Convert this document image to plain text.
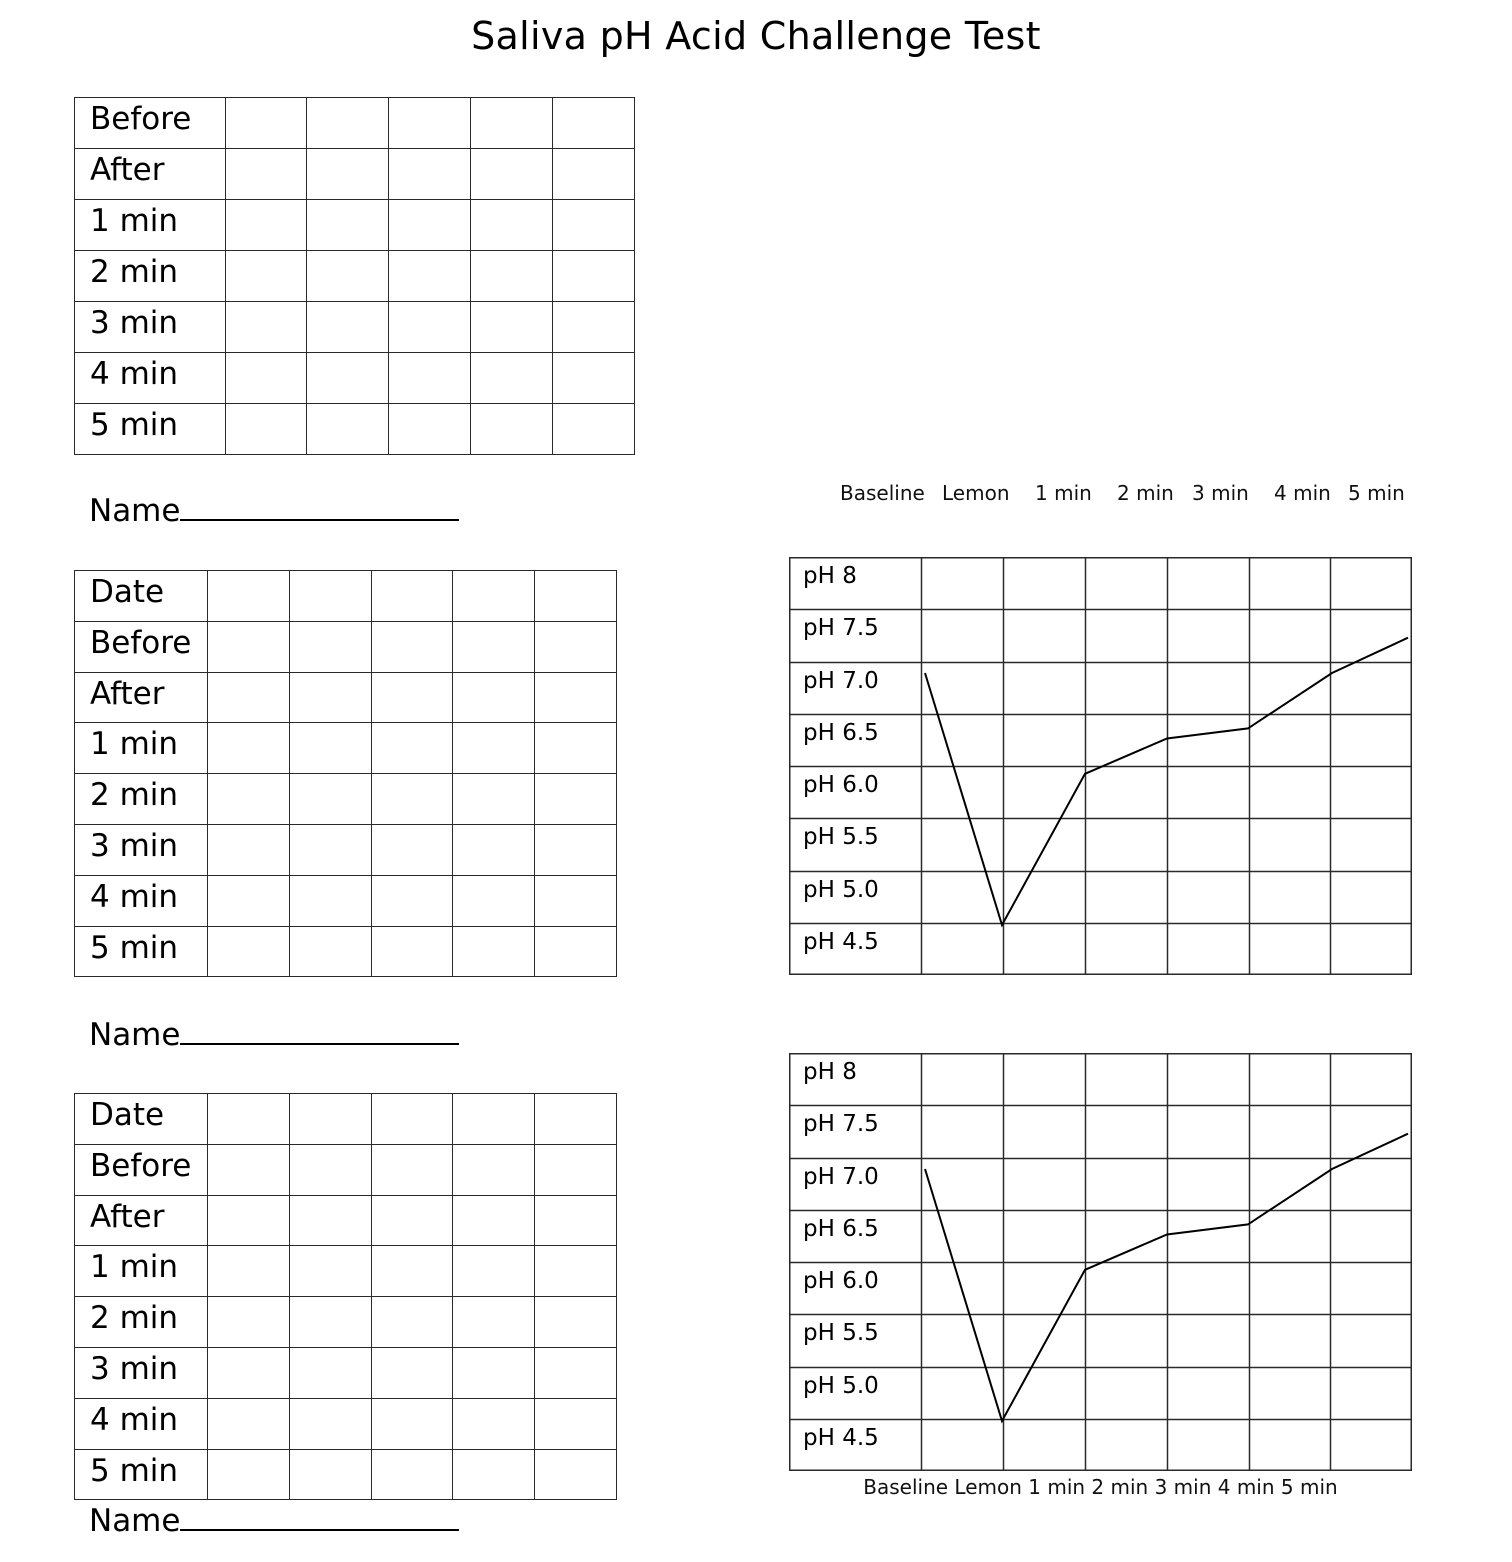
Saliva pH Acid Challenge Test
Before					
After					
1 min					
2 min					
3 min					
4 min					
5 min					
Name
Date					
Before					
After					
1 min					
2 min					
3 min					
4 min					
5 min					
Name
Date					
Before					
After					
1 min					
2 min					
3 min					
4 min					
5 min					
Name
Baseline Lemon 1 min 2 min 3 min 4 min 5 min
pH 8
pH 7.5
pH 7.0
pH 6.5
pH 6.0
pH 5.5
pH 5.0
pH 4.5
pH 8
pH 7.5
pH 7.0
pH 6.5
pH 6.0
pH 5.5
pH 5.0
pH 4.5
Baseline Lemon 1 min 2 min 3 min 4 min 5 min
